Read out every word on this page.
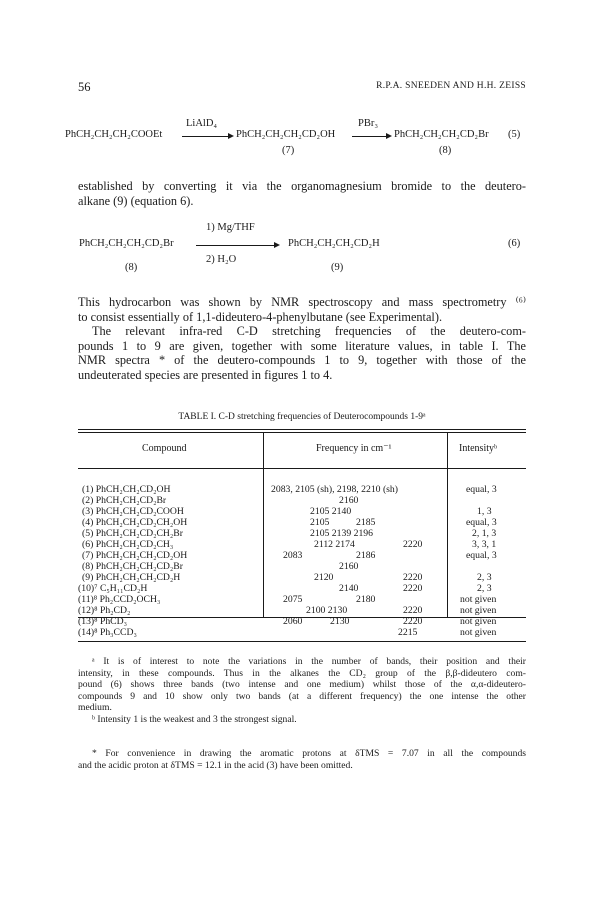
56	R.P.A. SNEEDEN AND H.H. ZEISS
LiAlD₄	PBr₃
PhCH₂CH₂CH₂COOEt	PhCH₂CH₂CH₂CD₂OH → PhCH₂CH₂CH₂CD₂Br (5)
(7)	(8)
established by converting it via the organomagnesium bromide to the deutero-
alkane (9) (equation 6).
1) Mg/THF
PhCH₂CH₂CH₂CD₂Br	PhCH₂CH₂CH₂CD₂H	(6)
2) H₂O
(8)	(9)
This hydrocarbon was shown by NMR spectroscopy and mass spectrometry ⁽⁶⁾
to consist essentially of 1,1-dideutero-4-phenylbutane (see Experimental).
The relevant infra-red C-D stretching frequencies of the deutero-com-
pounds 1 to 9 are given, together with some literature values, in table I. The
NMR spectra * of the deutero-compounds 1 to 9, together with those of the
undeuterated species are presented in figures 1 to 4.
TABLE I. C-D stretching frequencies of Deuterocompounds 1-9ᵃ
Compound	Frequency in cm⁻¹	Intensityᵇ
(1) PhCH₂CH₂CD₂OH	2083, 2105 (sh), 2198, 2210 (sh)	equal, 3
(2) PhCH₂CH₂CD₂Br	2160
(3) PhCH₂CH₂CD₂COOH	2105 2140	1, 3
(4) PhCH₂CH₂CD₂CH₂OH	2105	2185	equal, 3
(5) PhCH₂CH₂CD₂CH₂Br	2105 2139 2196	2, 1, 3
(6) PhCH₂CH₂CD₂CH₃	2112 2174	2220	3, 3, 1
(7) PhCH₂CH₂CH₂CD₂OH	2083	2186	equal, 3
(8) PhCH₂CH₂CH₂CD₂Br	2160
(9) PhCH₂CH₂CH₂CD₂H	2120	2220	2, 3
(10)⁷ C₅H₁₁CD₂H	2140	2220	2, 3
(11)⁸ Ph₂CCD₂OCH₃	2075	2180	not given
(12)⁸ Ph₂CD₂	2100 2130	2220	not given
(13)⁸ PhCD₃	2060	2130	2220	not given
(14)⁸ Ph₃CCD₃	2215	not given
ᵃ It is of interest to note the variations in the number of bands, their position and their
intensity, in these compounds. Thus in the alkanes the CD₂ group of the β,β-dideutero com-
pound (6) shows three bands (two intense and one medium) whilst those of the α,α-dideutero-
compounds 9 and 10 show only two bands (at a different frequency) the one intense the other
medium.
ᵇ Intensity 1 is the weakest and 3 the strongest signal.
* For convenience in drawing the aromatic protons at δTMS = 7.07 in all the compounds
and the acidic proton at δTMS = 12.1 in the acid (3) have been omitted.
